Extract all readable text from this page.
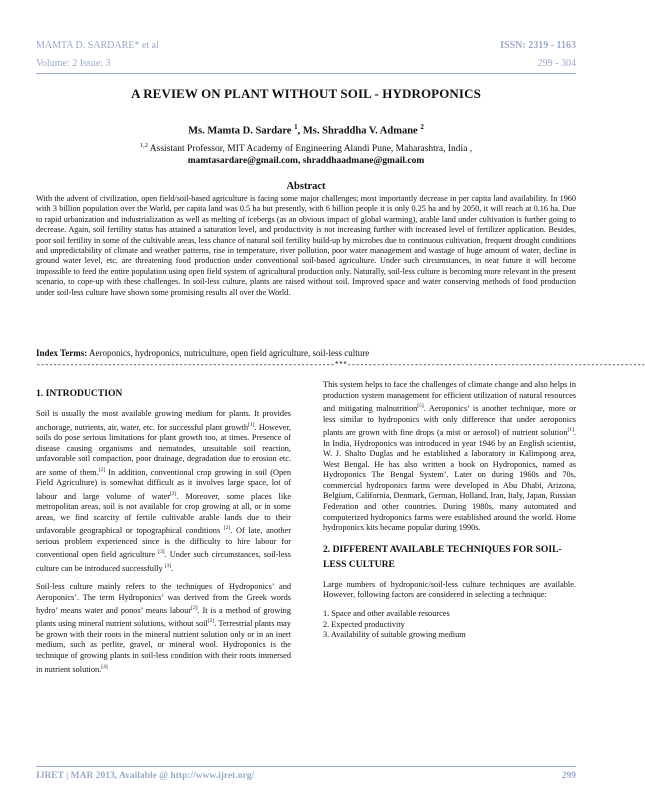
MAMTA D. SARDARE* et al	ISSN: 2319 - 1163
Volume: 2 Issue: 3	299 - 304
A REVIEW ON PLANT WITHOUT SOIL - HYDROPONICS
Ms. Mamta D. Sardare $^1$, Ms. Shraddha V. Admane $^2$
$^{1,2}$ Assistant Professor, MIT Academy of Engineering Alandi Pune, Maharashtra, India ,
mamtasardare@gmail.com, shraddhaadmane@gmail.com
Abstract

With the advent of civilization, open field/soil-based agriculture is facing some major challenges; most importantly decrease in per capita land availability. In 1960 with 3 billion population over the World, per capita land was 0.5 ha but presently, with 6 billion people it is only 0.25 ha and by 2050, it will reach at 0.16 ha. Due to rapid urbanization and industrialization as well as melting of icebergs (as an obvious impact of global warming), arable land under cultivation is further going to decrease. Again, soil fertility status has attained a saturation level, and productivity is not increasing further with increased level of fertilizer application. Besides, poor soil fertility in some of the cultivable areas, less chance of natural soil fertility build-up by microbes due to continuous cultivation, frequent drought conditions and unpredictability of climate and weather patterns, rise in temperature, river pollution, poor water management and wastage of huge amount of water, decline in ground water level, etc. are threatening food production under conventional soil-based agriculture. Under such circumstances, in near future it will become impossible to feed the entire population using open field system of agricultural production only. Naturally, soil-less culture is becoming more relevant in the present scenario, to cope-up with these challenges. In soil-less culture, plants are raised without soil. Improved space and water conserving methods of food production under soil-less culture have shown some promising results all over the World.

Index Terms: Aeroponics, hydroponics, nutriculture, open field agriculture, soil-less culture
-----------------------------------------------------------------------***-----------------------------------------------------------------------
1. INTRODUCTION

Soil is usually the most available growing medium for plants. It provides anchorage, nutrients, air, water, etc. for successful plant growth[1]. However, soils do pose serious limitations for plant growth too, at times. Presence of disease causing organisms and nematodes, unsuitable soil reaction, unfavorable soil compaction, poor drainage, degradation due to erosion etc. are some of them.[2] In addition, conventional crop growing in soil (Open Field Agriculture) is somewhat difficult as it involves large space, lot of labour and large volume of water[2]. Moreover, some places like metropolitan areas, soil is not available for crop growing at all, or in some areas, we find scarcity of fertile cultivable arable lands due to their unfavorable geographical or topographical conditions [2]. Of late, another serious problem experienced since is the difficulty to hire labour for conventional open field agriculture [3]. Under such circumstances, soil-less culture can be introduced successfully [3].

Soil-less culture mainly refers to the techniques of Hydroponics’ and Aeroponics’. The term Hydroponics’ was derived from the Greek words hydro’ means water and ponos’ means labour[2]. It is a method of growing plants using mineral nutrient solutions, without soil[2]. Terrestrial plants may be grown with their roots in the mineral nutrient solution only or in an inert medium, such as perlite, gravel, or mineral wool. Hydroponics is the technique of growing plants in soil-less condition with their roots immersed in nutrient solution.[4]

This system helps to face the challenges of climate change and also helps in production system management for efficient utilization of natural resources and mitigating malnutrition[5]. Aeroponics’ is another technique, more or less similar to hydroponics with only difference that under aeroponics plants are grown with fine drops (a mist or aerosol) of nutrient solution[1]. In India, Hydroponics was introduced in year 1946 by an English scientist, W. J. Shalto Duglas and he established a laboratory in Kalimpong area, West Bengal. He has also written a book on Hydroponics, named as Hydroponics The Bengal System’. Later on during 1960s and 70s, commercial hydroponics farms were developed in Abu Dhabi, Arizona, Belgium, California, Denmark, German, Holland, Iran, Italy, Japan, Russian Federation and other countries. During 1980s, many automated and computerized hydroponics farms were established around the world. Home hydroponics kits became popular during 1990s.

2. DIFFERENT AVAILABLE TECHNIQUES FOR SOIL-LESS CULTURE

Large numbers of hydroponic/soil-less culture techniques are available. However, following factors are considered in selecting a technique:

1. Space and other available resources
2. Expected productivity
3. Availability of suitable growing medium
IJRET | MAR 2013, Available @ http://www.ijret.org/	299
